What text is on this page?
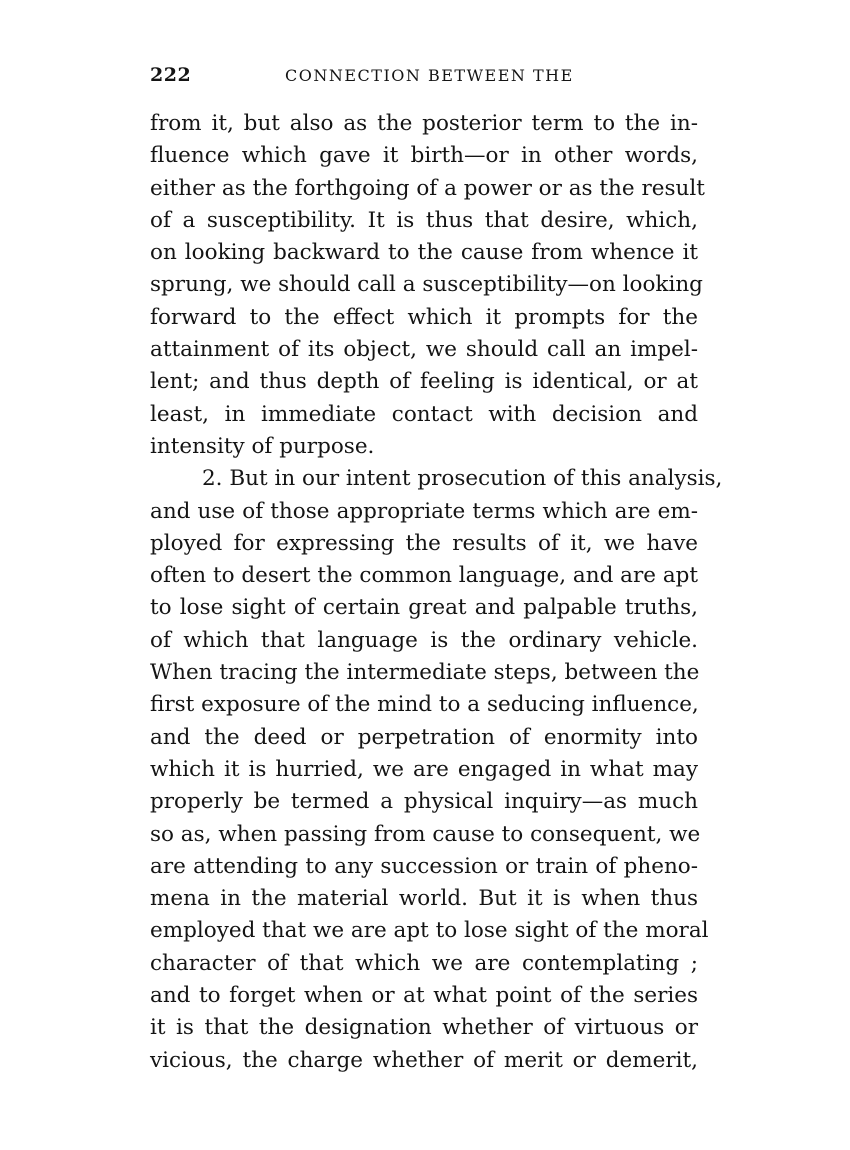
222	CONNECTION BETWEEN THE
from it, but also as the posterior term to the in-
fluence which gave it birth—or in other words,
either as the forthgoing of a power or as the result
of a susceptibility. It is thus that desire, which,
on looking backward to the cause from whence it
sprung, we should call a susceptibility—on looking
forward to the effect which it prompts for the
attainment of its object, we should call an impel-
lent; and thus depth of feeling is identical, or at
least, in immediate contact with decision and
intensity of purpose.
2. But in our intent prosecution of this analysis,
and use of those appropriate terms which are em-
ployed for expressing the results of it, we have
often to desert the common language, and are apt
to lose sight of certain great and palpable truths,
of which that language is the ordinary vehicle.
When tracing the intermediate steps, between the
first exposure of the mind to a seducing influence,
and the deed or perpetration of enormity into
which it is hurried, we are engaged in what may
properly be termed a physical inquiry—as much
so as, when passing from cause to consequent, we
are attending to any succession or train of pheno-
mena in the material world. But it is when thus
employed that we are apt to lose sight of the moral
character of that which we are contemplating ;
and to forget when or at what point of the series
it is that the designation whether of virtuous or
vicious, the charge whether of merit or demerit,
